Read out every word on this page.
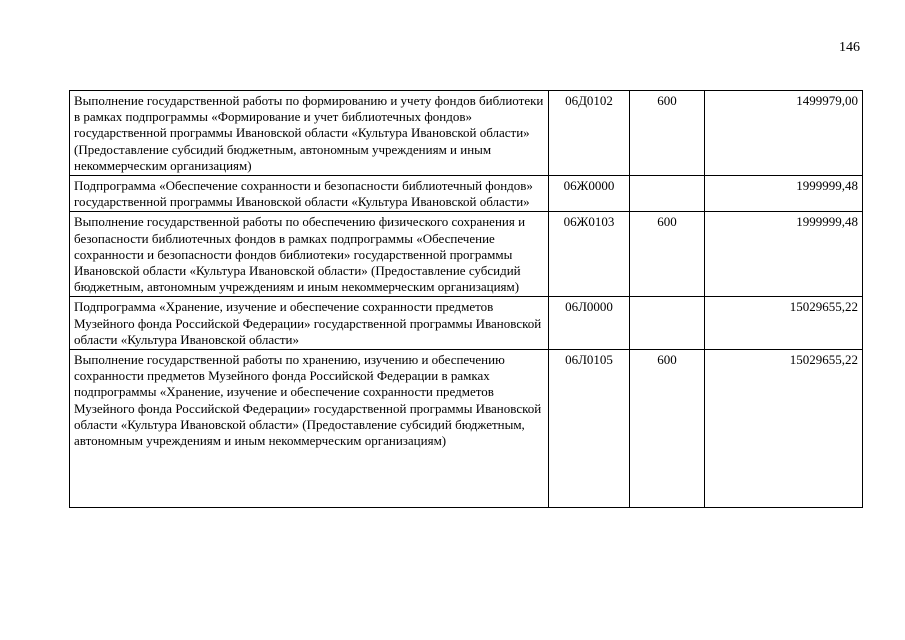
146
Выполнение государственной работы по формированию и учету фондов библиотеки в рамках подпрограммы «Формирование и учет библиотечных фондов» государственной программы Ивановской области «Культура Ивановской области» (Предоставление субсидий бюджетным, автономным учреждениям и иным некоммерческим организациям)	06Д0102	600	1499979,00
Подпрограмма «Обеспечение сохранности и безопасности библиотечный фондов» государственной программы Ивановской области «Культура Ивановской области»	06Ж0000		1999999,48
Выполнение государственной работы по обеспечению физического сохранения и безопасности библиотечных фондов в рамках подпрограммы «Обеспечение сохранности и безопасности фондов библиотеки» государственной программы Ивановской области «Культура Ивановской области» (Предоставление субсидий бюджетным, автономным учреждениям и иным некоммерческим организациям)	06Ж0103	600	1999999,48
Подпрограмма «Хранение, изучение и обеспечение сохранности предметов Музейного фонда Российской Федерации» государственной программы Ивановской области «Культура Ивановской области»	06Л0000		15029655,22
Выполнение государственной работы по хранению, изучению и обеспечению сохранности предметов Музейного фонда Российской Федерации в рамках подпрограммы «Хранение, изучение и обеспечение сохранности предметов Музейного фонда Российской Федерации» государственной программы Ивановской области «Культура Ивановской области» (Предоставление субсидий бюджетным, автономным учреждениям и иным некоммерческим организациям)	06Л0105	600	15029655,22
